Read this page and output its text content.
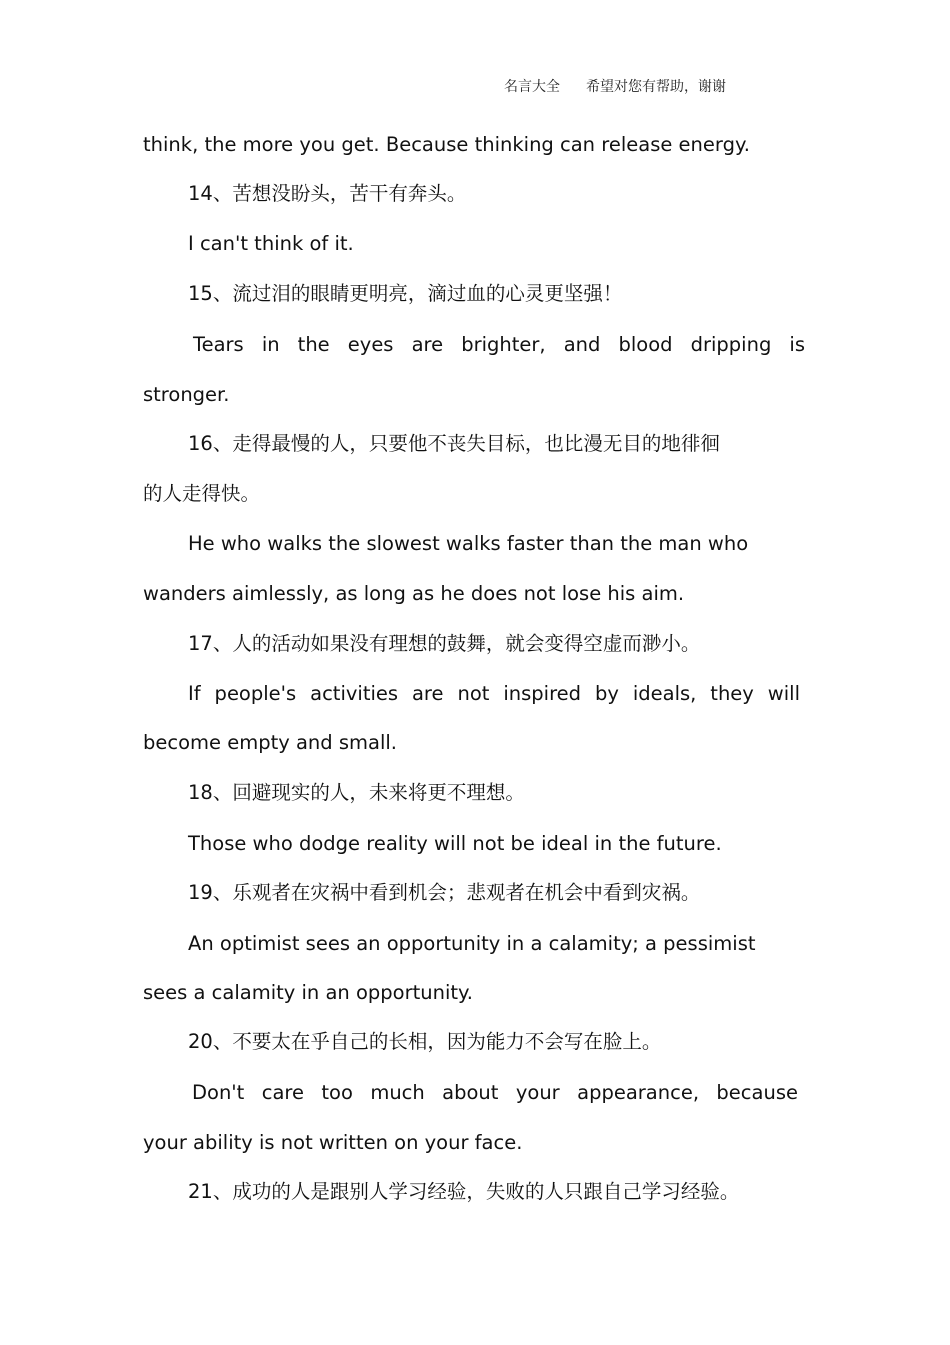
名言大全 希望对您有帮助，谢谢
think, the more you get. Because thinking can release energy.
14、苦想没盼头，苦干有奔头。
I can't think of it.
15、流过泪的眼睛更明亮，滴过血的心灵更坚强！
Tears in the eyes are brighter, and blood dripping is
stronger.
16、走得最慢的人，只要他不丧失目标，也比漫无目的地徘徊
的人走得快。
He who walks the slowest walks faster than the man who
wanders aimlessly, as long as he does not lose his aim.
17、人的活动如果没有理想的鼓舞，就会变得空虚而渺小。
If people's activities are not inspired by ideals, they will
become empty and small.
18、回避现实的人，未来将更不理想。
Those who dodge reality will not be ideal in the future.
19、乐观者在灾祸中看到机会；悲观者在机会中看到灾祸。
An optimist sees an opportunity in a calamity; a pessimist
sees a calamity in an opportunity.
20、不要太在乎自己的长相，因为能力不会写在脸上。
Don't care too much about your appearance, because
your ability is not written on your face.
21、成功的人是跟别人学习经验，失败的人只跟自己学习经验。
